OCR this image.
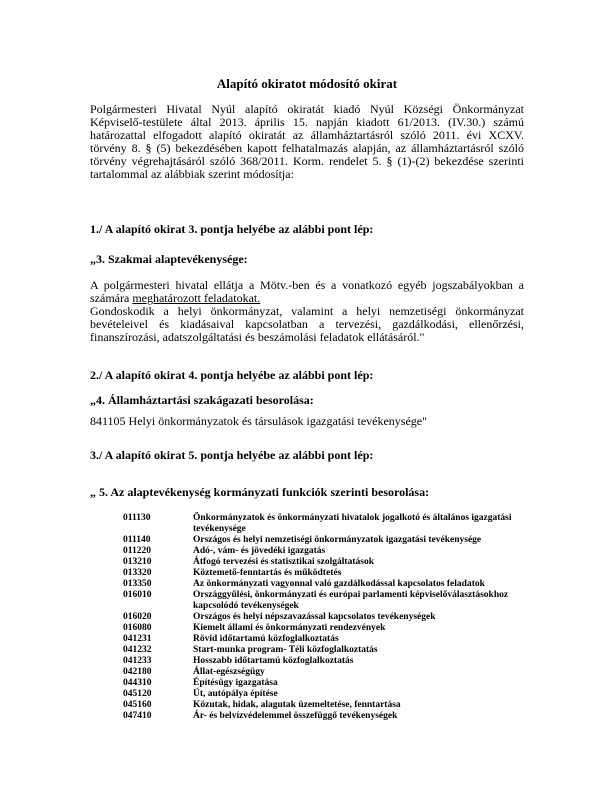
Alapító okiratot módosító okirat

Polgármesteri Hivatal Nyúl alapító okiratát kiadó Nyúl Községi Önkormányzat Képviselő-testülete által 2013. április 15. napján kiadott 61/2013. (IV.30.) számú határozattal elfogadott alapító okiratát az államháztartásról szóló 2011. évi XCXV. törvény 8. § (5) bekezdésében kapott felhatalmazás alapján, az államháztartásról szóló törvény végrehajtásáról szóló 368/2011. Korm. rendelet 5. § (1)-(2) bekezdése szerinti tartalommal az alábbiak szerint módosítja:

1./ A alapító okirat 3. pontja helyébe az alábbi pont lép:

„3. Szakmai alaptevékenysége:

A polgármesteri hivatal ellátja a Mötv.-ben és a vonatkozó egyéb jogszabályokban a számára meghatározott feladatokat.

Gondoskodik a helyi önkormányzat, valamint a helyi nemzetiségi önkormányzat bevételeivel és kiadásaival kapcsolatban a tervezési, gazdálkodási, ellenőrzési, finanszírozási, adatszolgáltatási és beszámolási feladatok ellátásáról."

2./ A alapító okirat 4. pontja helyébe az alábbi pont lép:

„4. Államháztartási szakágazati besorolása:

841105 Helyi önkormányzatok és társulások igazgatási tevékenysége"

3./ A alapító okirat 5. pontja helyébe az alábbi pont lép:

„ 5. Az alaptevékenység kormányzati funkciók szerinti besorolása:

011130	Önkormányzatok és önkormányzati hivatalok jogalkotó és általános igazgatási tevékenysége
011140	Országos és helyi nemzetiségi önkormányzatok igazgatási tevékenysége
011220	Adó-, vám- és jövedéki igazgatás
013210	Átfogó tervezési és statisztikai szolgáltatások
013320	Köztemető-fenntartás és működtetés
013350	Az önkormányzati vagyonnal való gazdálkodással kapcsolatos feladatok
016010	Országgyűlési, önkormányzati és európai parlamenti képviselőválasztásokhoz kapcsolódó tevékenységek
016020	Országos és helyi népszavazással kapcsolatos tevékenységek
016080	Kiemelt állami és önkormányzati rendezvények
041231	Rövid időtartamú közfoglalkoztatás
041232	Start-munka program- Téli közfoglalkoztatás
041233	Hosszabb időtartamú közfoglalkoztatás
042180	Állat-egészségügy
044310	Építésügy igazgatása
045120	Út, autópálya építése
045160	Közutak, hidak, alagutak üzemeltetése, fenntartása
047410	Ár- és belvízvédelemmel összefüggő tevékenységek
